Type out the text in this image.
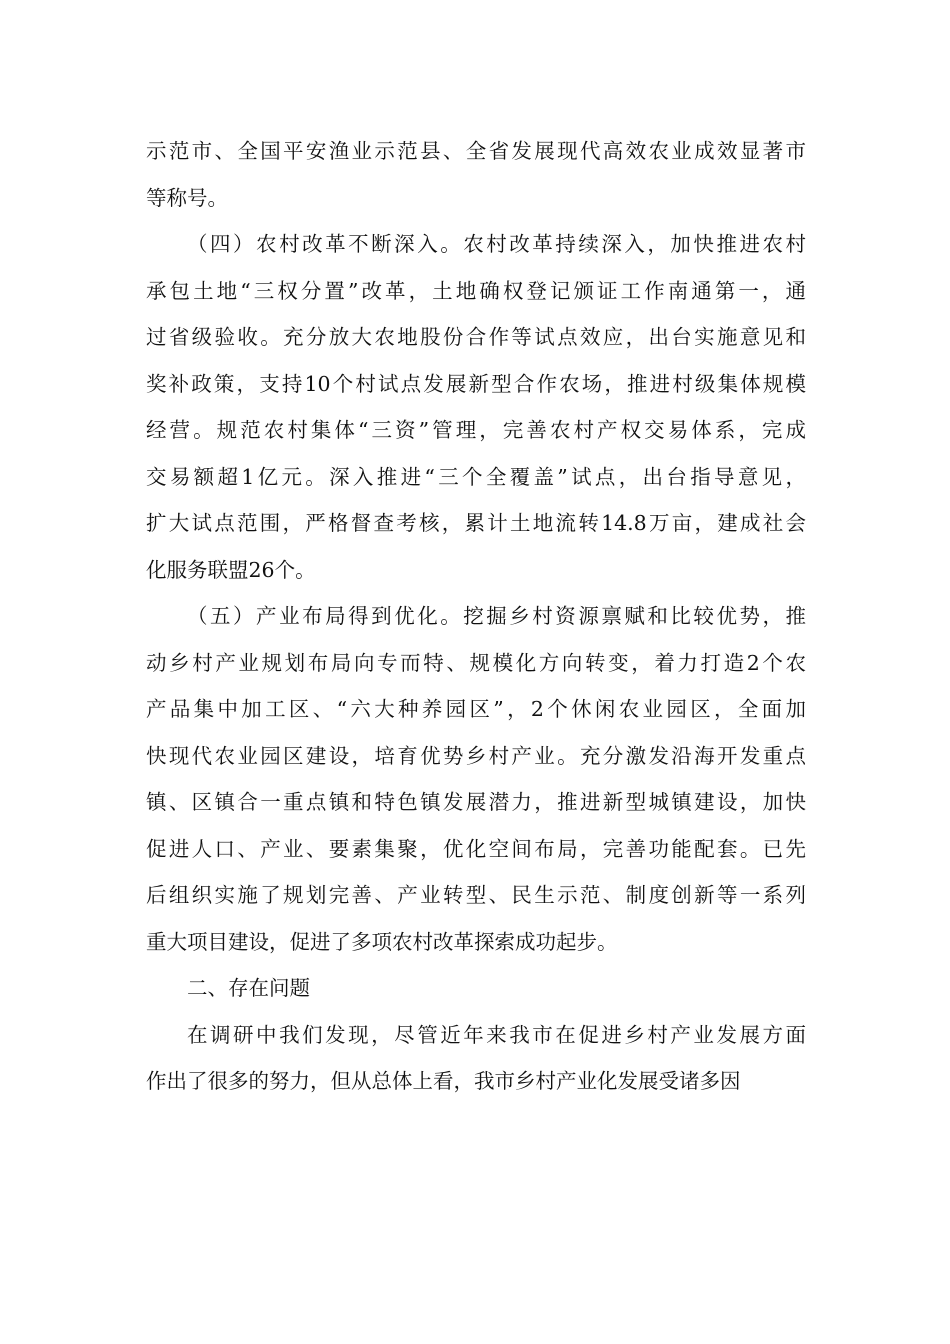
示范市、全国平安渔业示范县、全省发展现代高效农业成效显著市
等称号。

（四）农村改革不断深入。农村改革持续深入，加快推进农村
承包土地“三权分置”改革，土地确权登记颁证工作南通第一，通
过省级验收。充分放大农地股份合作等试点效应，出台实施意见和
奖补政策，支持10个村试点发展新型合作农场，推进村级集体规模
经营。规范农村集体“三资”管理，完善农村产权交易体系，完成
交易额超1亿元。深入推进“三个全覆盖”试点，出台指导意见，
扩大试点范围，严格督查考核，累计土地流转14.8万亩，建成社会
化服务联盟26个。

（五）产业布局得到优化。挖掘乡村资源禀赋和比较优势，推
动乡村产业规划布局向专而特、规模化方向转变，着力打造2个农
产品集中加工区、“六大种养园区”，2个休闲农业园区，全面加
快现代农业园区建设，培育优势乡村产业。充分激发沿海开发重点
镇、区镇合一重点镇和特色镇发展潜力，推进新型城镇建设，加快
促进人口、产业、要素集聚，优化空间布局，完善功能配套。已先
后组织实施了规划完善、产业转型、民生示范、制度创新等一系列
重大项目建设，促进了多项农村改革探索成功起步。

二、存在问题

在调研中我们发现，尽管近年来我市在促进乡村产业发展方面
作出了很多的努力，但从总体上看，我市乡村产业化发展受诸多因
